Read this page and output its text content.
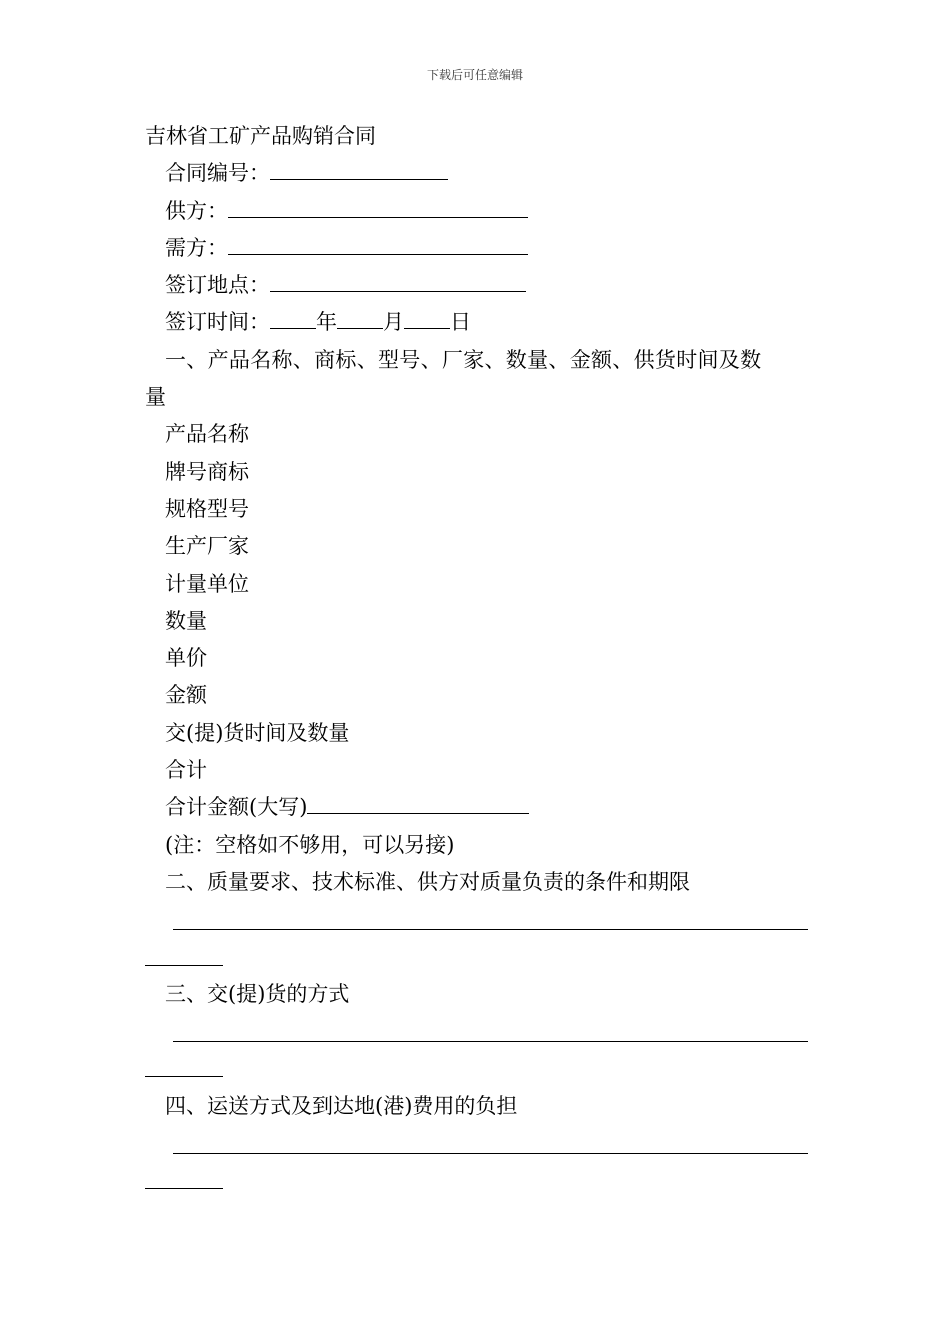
下载后可任意编辑
吉林省工矿产品购销合同
合同编号：
供方：
需方：
签订地点：
签订时间： 年 月 日
一、产品名称、商标、型号、厂家、数量、金额、供货时间及数
量
产品名称
牌号商标
规格型号
生产厂家
计量单位
数量
单价
金额
交(提)货时间及数量
合计
合计金额(大写)
(注：空格如不够用，可以另接)
二、质量要求、技术标准、供方对质量负责的条件和期限
三、交(提)货的方式
四、运送方式及到达地(港)费用的负担
